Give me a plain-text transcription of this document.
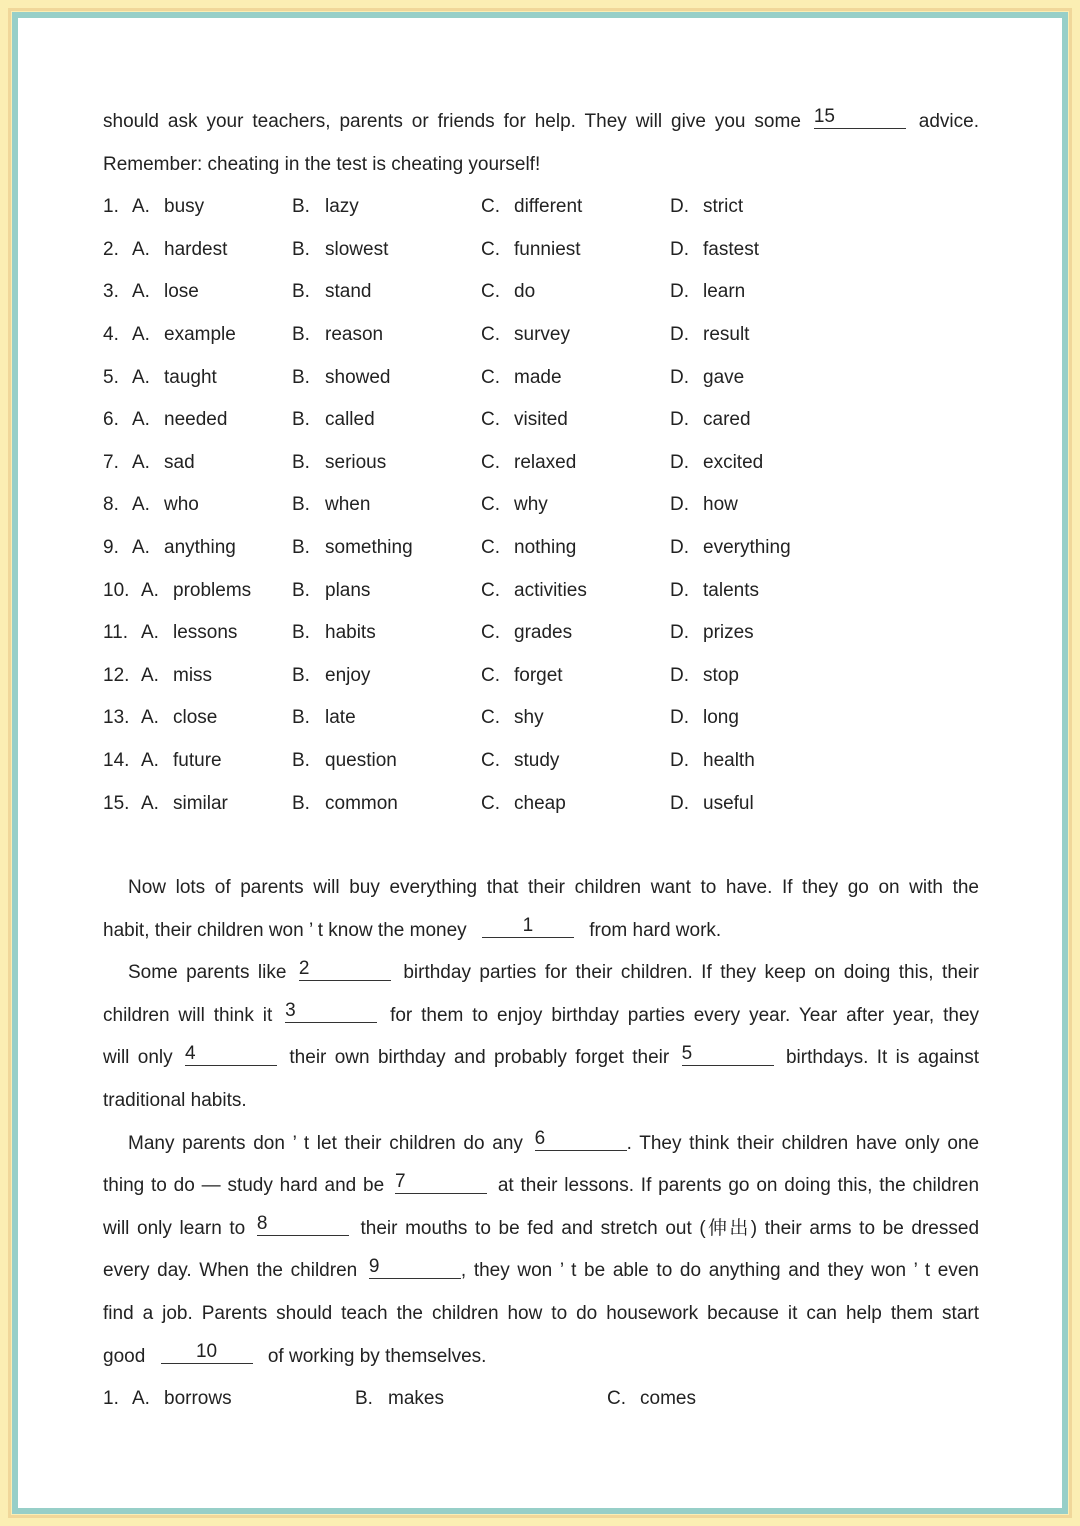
should ask your teachers, parents or friends for help. They will give you some 15	advice.
Remember: cheating in the test is cheating yourself!
1. A. busy	B. lazy	C. different	D. strict
2. A. hardest	B. slowest	C. funniest	D. fastest
3. A. lose	B. stand	C. do	D. learn
4. A. example	B. reason	C. survey	D. result
5. A. taught	B. showed	C. made	D. gave
6. A. needed	B. called	C. visited	D. cared
7. A. sad	B. serious	C. relaxed	D. excited
8. A. who	B. when	C. why	D. how
9. A. anything	B. something	C. nothing	D. everything
10. A. problems	B. plans	C. activities	D. talents
11. A. lessons	B. habits	C. grades	D. prizes
12. A. miss	B. enjoy	C. forget	D. stop
13. A. close	B. late	C. shy	D. long
14. A. future	B. question	C. study	D. health
15. A. similar	B. common	C. cheap	D. useful
Now lots of parents will buy everything that their children want to have. If they go on with the
habit, their children won ’ t know the money	1	from hard work.
Some parents like 2	birthday parties for their children. If they keep on doing this, their
children will think it 3	for them to enjoy birthday parties every year. Year after year, they
will only 4	their own birthday and probably forget their 5	birthdays. It is against
traditional habits.
Many parents don ’ t let their children do any 6	. They think their children have only one
thing to do — study hard and be 7	at their lessons. If parents go on doing this, the children
will only learn to 8	their mouths to be fed and stretch out (伸出) their arms to be dressed
every day. When the children 9	, they won ’ t be able to do anything and they won ’ t even
find a job. Parents should teach the children how to do housework because it can help them start
good	10	of working by themselves.
1. A. borrows	B. makes	C. comes
